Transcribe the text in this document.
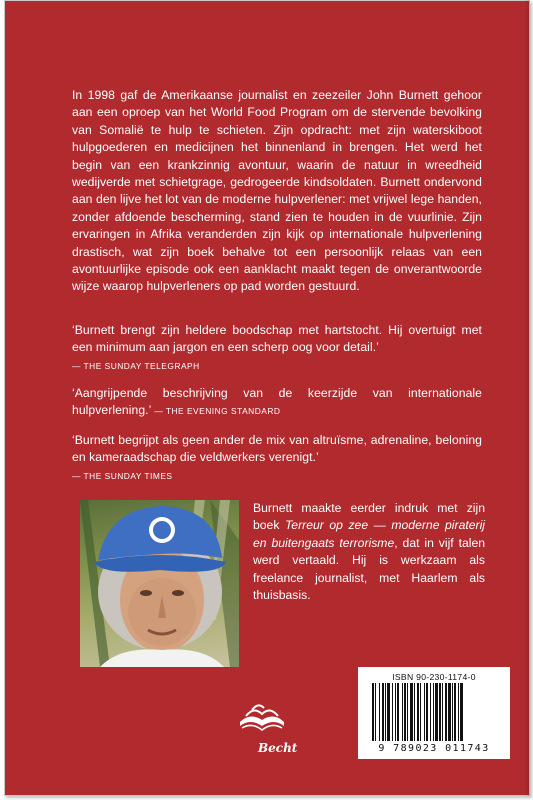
In 1998 gaf de Amerikaanse journalist en zeezeiler John Burnett gehoor aan een oproep van het World Food Program om de stervende bevolking van Somalië te hulp te schieten. Zijn opdracht: met zijn waterskiboot hulpgoederen en medicijnen het binnenland in brengen. Het werd het begin van een krankzinnig avontuur, waarin de natuur in wreedheid wedijverde met schietgrage, gedrogeerde kindsoldaten. Burnett ondervond aan den lijve het lot van de moderne hulpverlener: met vrijwel lege handen, zonder afdoende bescherming, stand zien te houden in de vuurlinie. Zijn ervaringen in Afrika veranderden zijn kijk op internationale hulpverlening drastisch, wat zijn boek behalve tot een persoonlijk relaas van een avontuurlijke episode ook een aanklacht maakt tegen de onverantwoorde wijze waarop hulpverleners op pad worden gestuurd.

‘Burnett brengt zijn heldere boodschap met hartstocht. Hij overtuigt met een minimum aan jargon en een scherp oog voor detail.’
— THE SUNDAY TELEGRAPH

‘Aangrijpende beschrijving van de keerzijde van internationale hulpverlening.’ — THE EVENING STANDARD

‘Burnett begrijpt als geen ander de mix van altruïsme, adrenaline, beloning en kameraadschap die veldwerkers verenigt.’
— THE SUNDAY TIMES

Burnett maakte eerder indruk met zijn boek Terreur op zee — moderne piraterij en buitengaats terrorisme, dat in vijf talen werd vertaald. Hij is werkzaam als freelance journalist, met Haarlem als thuisbasis.

Becht
ISBN 90-230-1174-0
9 789023 011743
